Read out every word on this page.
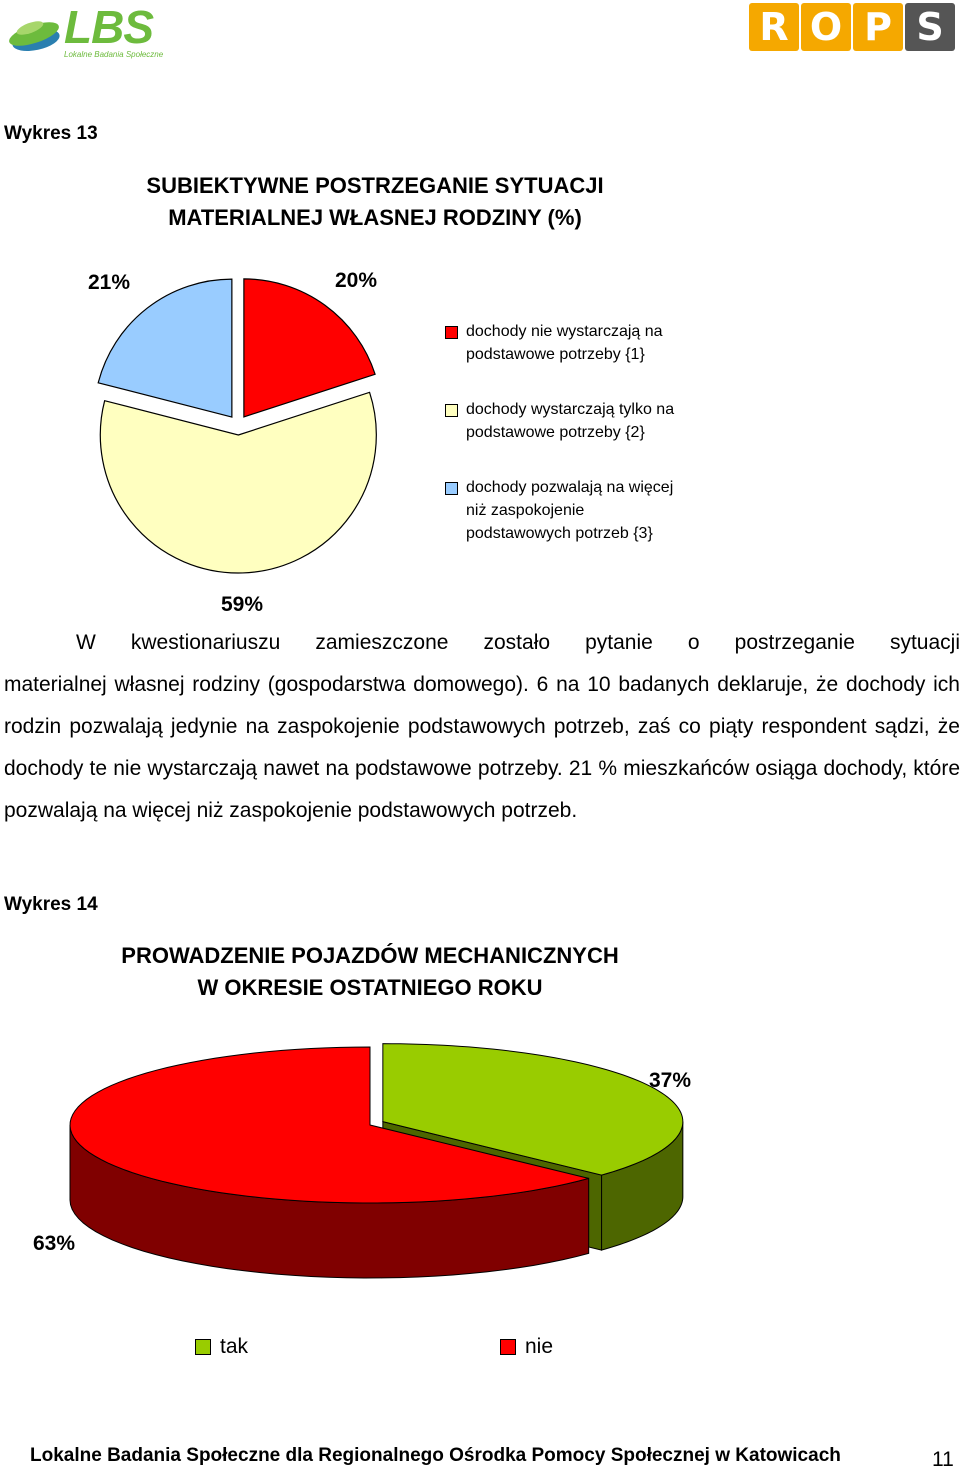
LBS
Lokalne Badania Społeczne
R O P S
Wykres 13
SUBIEKTYWNE POSTRZEGANIE SYTUACJI
MATERIALNEJ WŁASNEJ RODZINY (%)
20%
59%
21%
dochody nie wystarczają na
podstawowe potrzeby {1}
dochody wystarczają tylko na
podstawowe potrzeby {2}
dochody pozwalają na więcej
niż zaspokojenie
podstawowych potrzeb {3}
W kwestionariuszu zamieszczone zostało pytanie o postrzeganie sytuacji
materialnej własnej rodziny (gospodarstwa domowego). 6 na 10 badanych deklaruje, że dochody ich rodzin pozwalają jedynie na zaspokojenie podstawowych potrzeb, zaś co piąty respondent sądzi, że dochody te nie wystarczają nawet na podstawowe potrzeby. 21 % mieszkańców osiąga dochody, które pozwalają na więcej niż zaspokojenie podstawowych potrzeb.
Wykres 14
PROWADZENIE POJAZDÓW MECHANICZNYCH
W OKRESIE OSTATNIEGO ROKU
37%
63%
tak	nie
Lokalne Badania Społeczne dla Regionalnego Ośrodka Pomocy Społecznej w Katowicach	11
